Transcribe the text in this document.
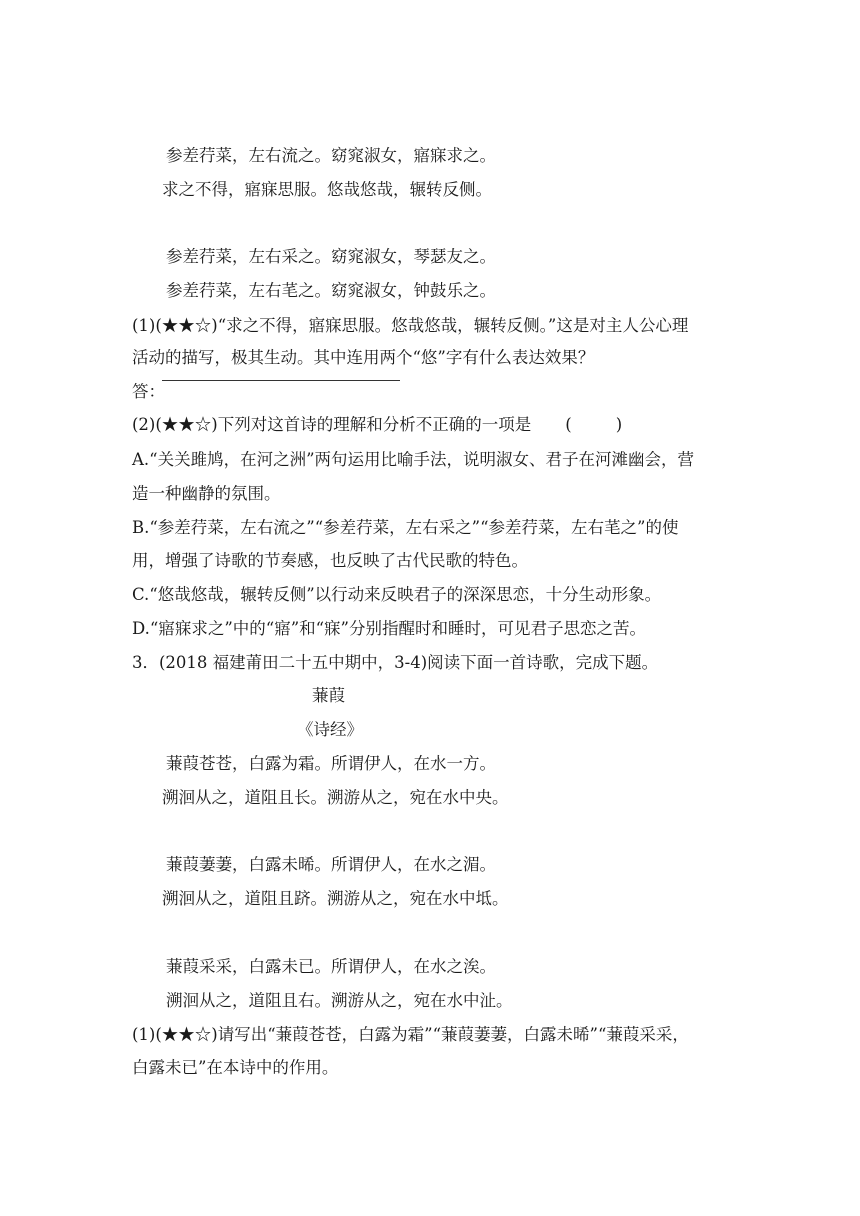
参差荇菜，左右流之。窈窕淑女，寤寐求之。
求之不得，寤寐思服。悠哉悠哉，辗转反侧。
参差荇菜，左右采之。窈窕淑女，琴瑟友之。
参差荇菜，左右芼之。窈窕淑女，钟鼓乐之。
(1)(★★☆)“求之不得，寤寐思服。悠哉悠哉，辗转反侧。”这是对主人公心理
活动的描写，极其生动。其中连用两个“悠”字有什么表达效果？
答：
(2)(★★☆)下列对这首诗的理解和分析不正确的一项是 (	)
A.“关关雎鸠，在河之洲”两句运用比喻手法，说明淑女、君子在河滩幽会，营
造一种幽静的氛围。
B.“参差荇菜，左右流之”“参差荇菜，左右采之”“参差荇菜，左右芼之”的使
用，增强了诗歌的节奏感，也反映了古代民歌的特色。
C.“悠哉悠哉，辗转反侧”以行动来反映君子的深深思恋，十分生动形象。
D.“寤寐求之”中的“寤”和“寐”分别指醒时和睡时，可见君子思恋之苦。
3．(2018 福建莆田二十五中期中，3-4)阅读下面一首诗歌，完成下题。
蒹葭
《诗经》
蒹葭苍苍，白露为霜。所谓伊人，在水一方。
溯洄从之，道阻且长。溯游从之，宛在水中央。
蒹葭萋萋，白露未晞。所谓伊人，在水之湄。
溯洄从之，道阻且跻。溯游从之，宛在水中坻。
蒹葭采采，白露未已。所谓伊人，在水之涘。
溯洄从之，道阻且右。溯游从之，宛在水中沚。
(1)(★★☆)请写出“蒹葭苍苍，白露为霜”“蒹葭萋萋，白露未晞”“蒹葭采采，
白露未已”在本诗中的作用。
